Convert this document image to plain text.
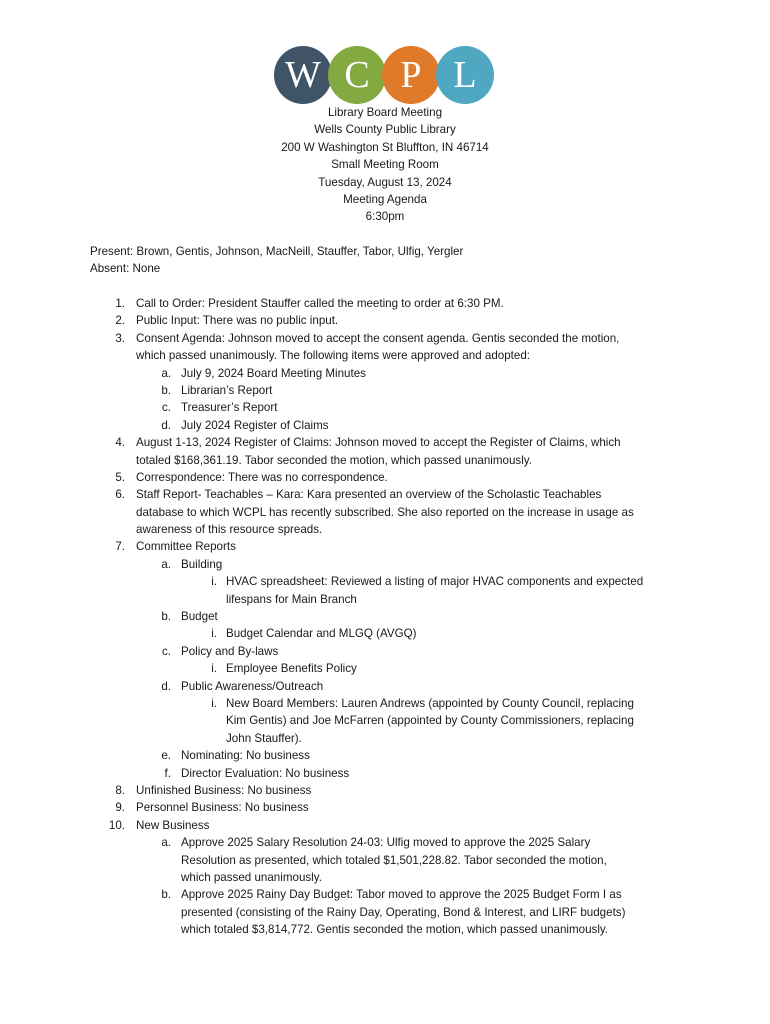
W C P L
Library Board Meeting
Wells County Public Library
200 W Washington St Bluffton, IN 46714
Small Meeting Room
Tuesday, August 13, 2024
Meeting Agenda
6:30pm
Present: Brown, Gentis, Johnson, MacNeill, Stauffer, Tabor, Ulfig, Yergler
Absent: None
1. Call to Order: President Stauffer called the meeting to order at 6:30 PM.
2. Public Input: There was no public input.
3. Consent Agenda: Johnson moved to accept the consent agenda. Gentis seconded the motion,
which passed unanimously. The following items were approved and adopted:
a. July 9, 2024 Board Meeting Minutes
b. Librarian’s Report
c. Treasurer’s Report
d. July 2024 Register of Claims
4. August 1-13, 2024 Register of Claims: Johnson moved to accept the Register of Claims, which
totaled $168,361.19. Tabor seconded the motion, which passed unanimously.
5. Correspondence: There was no correspondence.
6. Staff Report- Teachables – Kara: Kara presented an overview of the Scholastic Teachables
database to which WCPL has recently subscribed. She also reported on the increase in usage as
awareness of this resource spreads.
7. Committee Reports
a. Building
i. HVAC spreadsheet: Reviewed a listing of major HVAC components and expected
lifespans for Main Branch
b. Budget
i. Budget Calendar and MLGQ (AVGQ)
c. Policy and By-laws
i. Employee Benefits Policy
d. Public Awareness/Outreach
i. New Board Members: Lauren Andrews (appointed by County Council, replacing
Kim Gentis) and Joe McFarren (appointed by County Commissioners, replacing
John Stauffer).
e. Nominating: No business
f. Director Evaluation: No business
8. Unfinished Business: No business
9. Personnel Business: No business
10. New Business
a. Approve 2025 Salary Resolution 24-03: Ulfig moved to approve the 2025 Salary
Resolution as presented, which totaled $1,501,228.82. Tabor seconded the motion,
which passed unanimously.
b. Approve 2025 Rainy Day Budget: Tabor moved to approve the 2025 Budget Form I as
presented (consisting of the Rainy Day, Operating, Bond & Interest, and LIRF budgets)
which totaled $3,814,772. Gentis seconded the motion, which passed unanimously.
